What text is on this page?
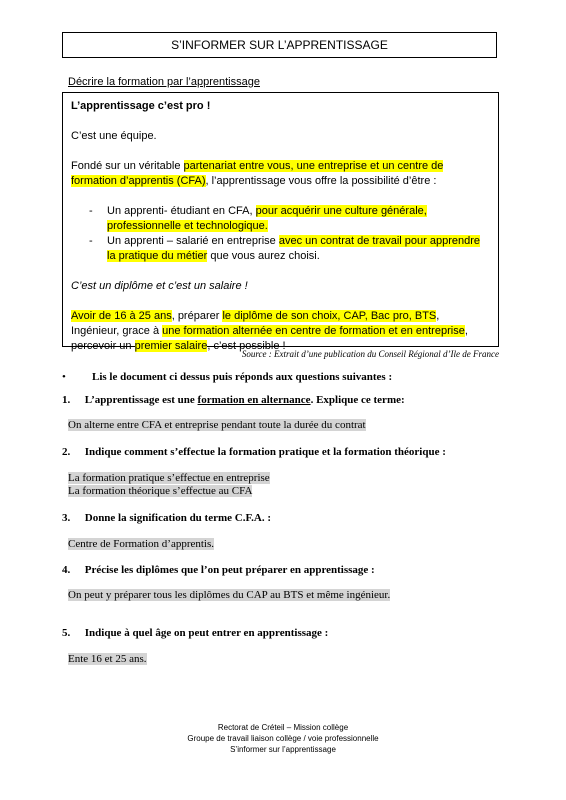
S’INFORMER SUR L’APPRENTISSAGE
Décrire la formation par l’apprentissage

L’apprentissage c’est pro !

C’est une équipe.

Fondé sur un véritable partenariat entre vous, une entreprise et un centre de formation d’apprentis (CFA), l’apprentissage vous offre la possibilité d’être :

- Un apprenti- étudiant en CFA, pour acquérir une culture générale, professionnelle et technologique.
- Un apprenti – salarié en entreprise avec un contrat de travail pour apprendre la pratique du métier que vous aurez choisi.

C’est un diplôme et c’est un salaire !

Avoir de 16 à 25 ans, préparer le diplôme de son choix, CAP, Bac pro, BTS, Ingénieur, grace à une formation alternée en centre de formation et en entreprise, percevoir un premier salaire, c’est possible !

Source : Extrait d’une publication du Conseil Régional d’Ile de France
• Lis le document ci dessus puis réponds aux questions suivantes :
1. L’apprentissage est une formation en alternance. Explique ce terme:
On alterne entre CFA et entreprise pendant toute la durée du contrat
2. Indique comment s’effectue la formation pratique et la formation théorique :
La formation pratique s’effectue en entreprise
La formation théorique s’effectue au CFA
3. Donne la signification du terme C.F.A. :
Centre de Formation d’apprentis.
4. Précise les diplômes que l’on peut préparer en apprentissage :
On peut y préparer tous les diplômes du CAP au BTS et même ingénieur.
5. Indique à quel âge on peut entrer en apprentissage :
Ente 16 et 25 ans.
Rectorat de Créteil – Mission collège
Groupe de travail liaison collège / voie professionnelle
S’informer sur l’apprentissage
